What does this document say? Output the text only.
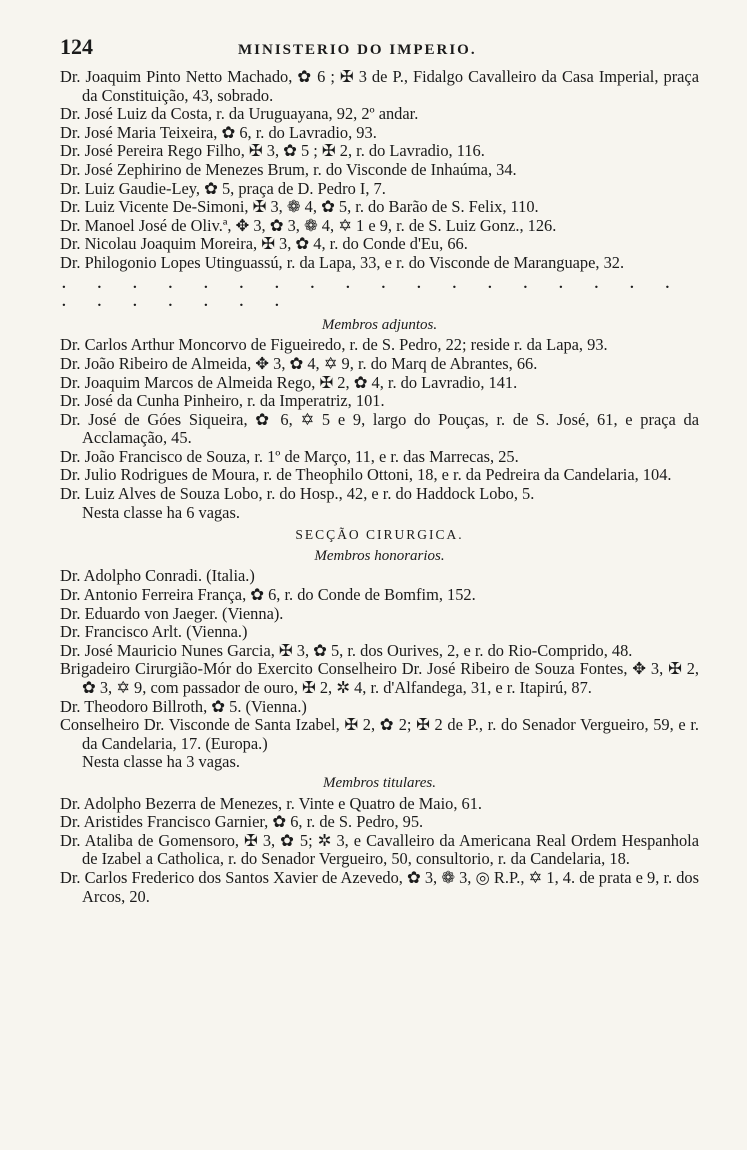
124	MINISTERIO DO IMPERIO.
Dr. Joaquim Pinto Netto Machado, ✿ 6 ; ✠ 3 de P., Fidalgo Cavalleiro da Casa Imperial, praça da Constituição, 43, sobrado.
Dr. José Luiz da Costa, r. da Uruguayana, 92, 2º andar.
Dr. José Maria Teixeira, ✿ 6, r. do Lavradio, 93.
Dr. José Pereira Rego Filho, ✠ 3, ✿ 5 ; ✠ 2, r. do Lavradio, 116.
Dr. José Zephirino de Menezes Brum, r. do Visconde de Inhaúma, 34.
Dr. Luiz Gaudie-Ley, ✿ 5, praça de D. Pedro I, 7.
Dr. Luiz Vicente De-Simoni, ✠ 3, ❁ 4, ✿ 5, r. do Barão de S. Felix, 110.
Dr. Manoel José de Oliv.ª, ✥ 3, ✿ 3, ❁ 4, ✡ 1 e 9, r. de S. Luiz Gonz., 126.
Dr. Nicolau Joaquim Moreira, ✠ 3, ✿ 4, r. do Conde d'Eu, 66.
Dr. Philogonio Lopes Utinguassú, r. da Lapa, 33, e r. do Visconde de Maranguape, 32.
. . . . . . . . . . . . . . . . . . . . . . . . .
Membros adjuntos.
Dr. Carlos Arthur Moncorvo de Figueiredo, r. de S. Pedro, 22; reside r. da Lapa, 93.
Dr. João Ribeiro de Almeida, ✥ 3, ✿ 4, ✡ 9, r. do Marq de Abrantes, 66.
Dr. Joaquim Marcos de Almeida Rego, ✠ 2, ✿ 4, r. do Lavradio, 141.
Dr. José da Cunha Pinheiro, r. da Imperatriz, 101.
Dr. José de Góes Siqueira, ✿ 6, ✡ 5 e 9, largo do Pouças, r. de S. José, 61, e praça da Acclamação, 45.
Dr. João Francisco de Souza, r. 1º de Março, 11, e r. das Marrecas, 25.
Dr. Julio Rodrigues de Moura, r. de Theophilo Ottoni, 18, e r. da Pedreira da Candelaria, 104.
Dr. Luiz Alves de Souza Lobo, r. do Hosp., 42, e r. do Haddock Lobo, 5.
Nesta classe ha 6 vagas.
SECÇÃO CIRURGICA.
Membros honorarios.
Dr. Adolpho Conradi. (Italia.)
Dr. Antonio Ferreira França, ✿ 6, r. do Conde de Bomfim, 152.
Dr. Eduardo von Jaeger. (Vienna).
Dr. Francisco Arlt. (Vienna.)
Dr. José Mauricio Nunes Garcia, ✠ 3, ✿ 5, r. dos Ourives, 2, e r. do Rio-Comprido, 48.
Brigadeiro Cirurgião-Mór do Exercito Conselheiro Dr. José Ribeiro de Souza Fontes, ✥ 3, ✠ 2, ✿ 3, ✡ 9, com passador de ouro, ✠ 2, ✲ 4, r. d'Alfandega, 31, e r. Itapirú, 87.
Dr. Theodoro Billroth, ✿ 5. (Vienna.)
Conselheiro Dr. Visconde de Santa Izabel, ✠ 2, ✿ 2; ✠ 2 de P., r. do Senador Vergueiro, 59, e r. da Candelaria, 17. (Europa.)
Nesta classe ha 3 vagas.
Membros titulares.
Dr. Adolpho Bezerra de Menezes, r. Vinte e Quatro de Maio, 61.
Dr. Aristides Francisco Garnier, ✿ 6, r. de S. Pedro, 95.
Dr. Ataliba de Gomensoro, ✠ 3, ✿ 5; ✲ 3, e Cavalleiro da Americana Real Ordem Hespanhola de Izabel a Catholica, r. do Senador Vergueiro, 50, consultorio, r. da Candelaria, 18.
Dr. Carlos Frederico dos Santos Xavier de Azevedo, ✿ 3, ❁ 3, ◎ R.P., ✡ 1, 4. de prata e 9, r. dos Arcos, 20.
